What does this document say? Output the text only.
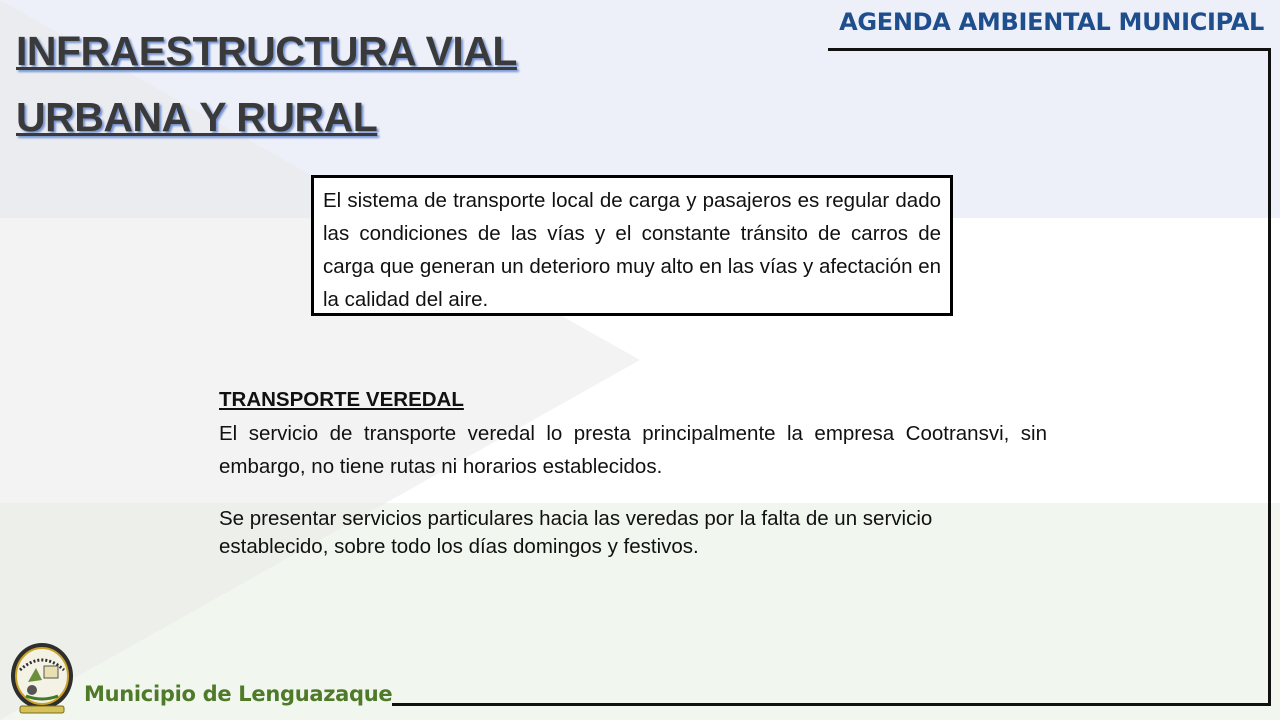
INFRAESTRUCTURA VIAL
URBANA Y RURAL
AGENDA AMBIENTAL MUNICIPAL
El sistema de transporte local de carga y pasajeros es regular dado las condiciones de las vías y el constante tránsito de carros de carga que generan un deterioro muy alto en las vías y afectación en la calidad del aire.

TRANSPORTE VEREDAL

El servicio de transporte veredal lo presta principalmente la empresa Cootransvi, sin embargo, no tiene rutas ni horarios establecidos.

Se presentar servicios particulares hacia las veredas por la falta de un servicio establecido, sobre todo los días domingos y festivos.

Municipio de Lenguazaque
